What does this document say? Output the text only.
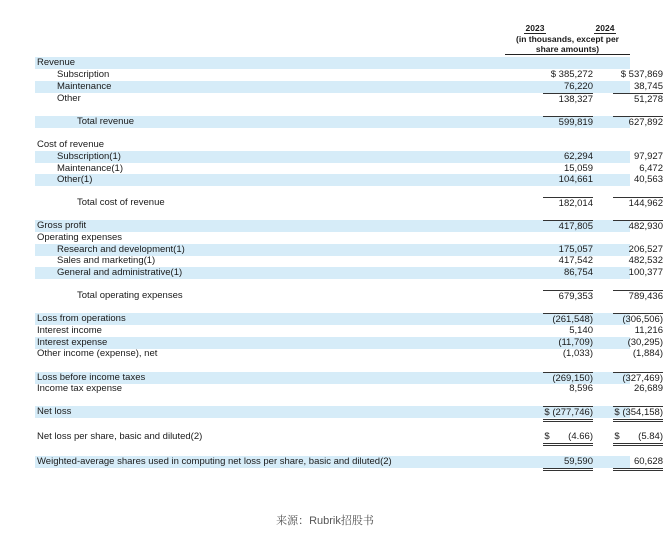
2023	2024
(in thousands, except per
share amounts)
Revenue
Subscription	$ 385,272	$ 537,869
Maintenance	76,220	38,745
Other	138,327	51,278
Total revenue	599,819	627,892
Cost of revenue
Subscription(1)	62,294	97,927
Maintenance(1)	15,059	6,472
Other(1)	104,661	40,563
Total cost of revenue	182,014	144,962
Gross profit	417,805	482,930
Operating expenses
Research and development(1)	175,057	206,527
Sales and marketing(1)	417,542	482,532
General and administrative(1)	86,754	100,377
Total operating expenses	679,353	789,436
Loss from operations	(261,548)	(306,506)
Interest income	5,140	11,216
Interest expense	(11,709)	(30,295)
Other income (expense), net	(1,033)	(1,884)
Loss before income taxes	(269,150)	(327,469)
Income tax expense	8,596	26,689
Net loss	$ (277,746) $ (354,158)
Net loss per share, basic and diluted(2)	$       (4.66) $       (5.84)
Weighted-average shares used in computing net loss per share, basic and diluted(2)	59,590	60,628
来源：Rubrik招股书
